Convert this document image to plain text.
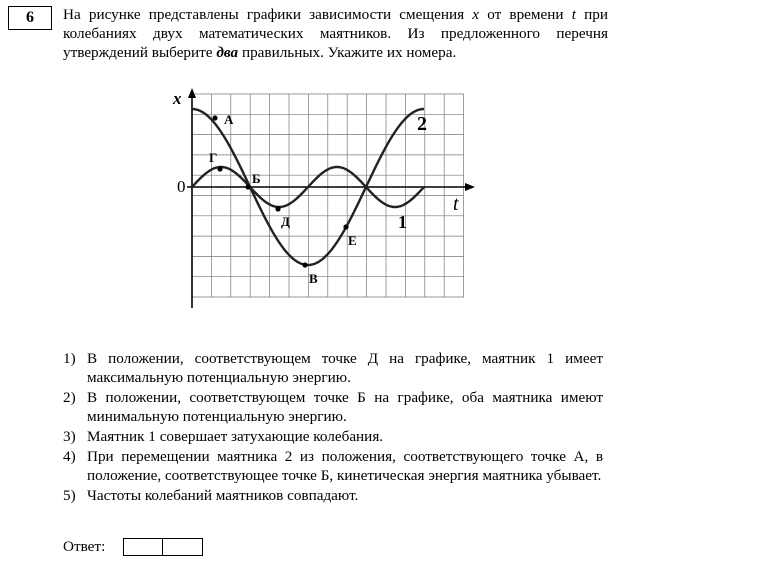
6	На рисунке представлены графики зависимости смещения x от времени t при колебаниях двух математических маятников. Из предложенного перечня утверждений выберите два правильных. Укажите их номера.

x
t
0
2
1
А
Г
Б
Д
Е
В
1) В положении, соответствующем точке Д на графике, маятник 1 имеет максимальную потенциальную энергию.
2) В положении, соответствующем точке Б на графике, оба маятника имеют минимальную потенциальную энергию.
3) Маятник 1 совершает затухающие колебания.
4) При перемещении маятника 2 из положения, соответствующего точке А, в положение, соответствующее точке Б, кинетическая энергия маятника убывает.
5) Частоты колебаний маятников совпадают.
Ответ:
